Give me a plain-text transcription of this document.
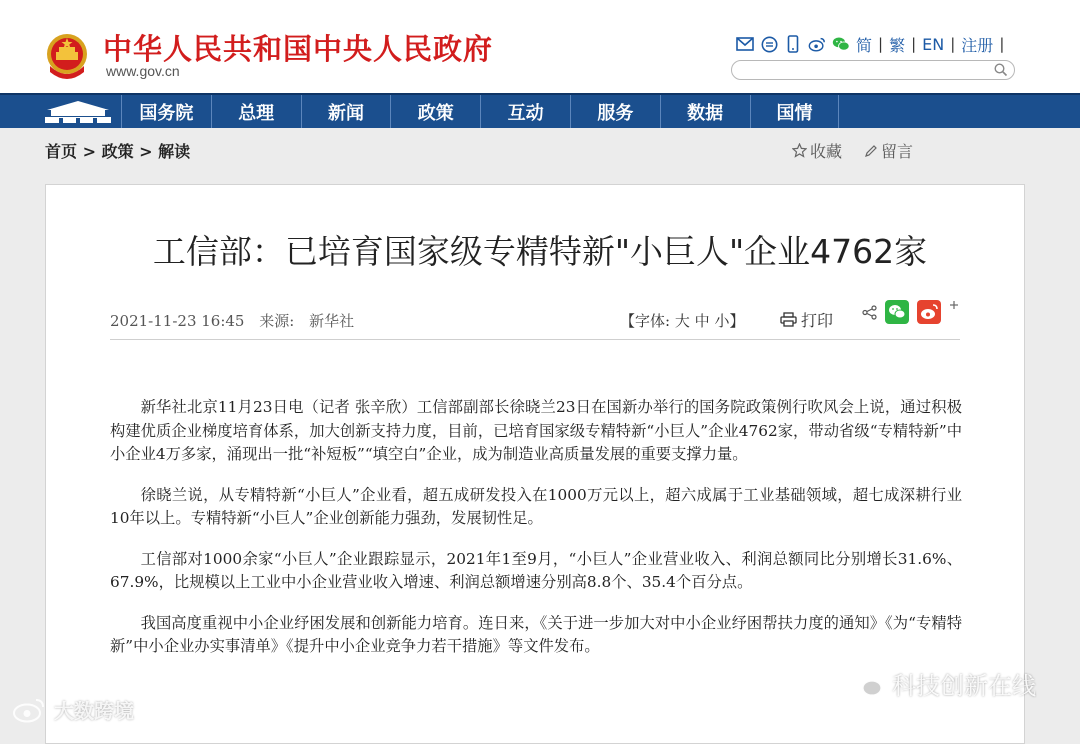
中华人民共和国中央人民政府
www.gov.cn
简 | 繁 | EN | 注册 |
国务院	总理	新闻	政策	互动	服务	数据	国情
首页 > 政策 > 解读	收藏 留言
工信部：已培育国家级专精特新"小巨人"企业4762家
2021-11-23 16:45 来源: 新华社	【字体: 大 中 小】	打印

新华社北京11月23日电（记者 张辛欣）工信部副部长徐晓兰23日在国新办举行的国务院政策例行吹风会上说，通过积极构建优质企业梯度培育体系，加大创新支持力度，目前，已培育国家级专精特新“小巨人”企业4762家，带动省级“专精特新”中小企业4万多家，涌现出一批“补短板”“填空白”企业，成为制造业高质量发展的重要支撑力量。

徐晓兰说，从专精特新“小巨人”企业看，超五成研发投入在1000万元以上，超六成属于工业基础领域，超七成深耕行业10年以上。专精特新“小巨人”企业创新能力强劲，发展韧性足。

工信部对1000余家“小巨人”企业跟踪显示，2021年1至9月，“小巨人”企业营业收入、利润总额同比分别增长31.6%、67.9%，比规模以上工业中小企业营业收入增速、利润总额增速分别高8.8个、35.4个百分点。

我国高度重视中小企业纾困发展和创新能力培育。连日来，《关于进一步加大对中小企业纾困帮扶力度的通知》《为“专精特新”中小企业办实事清单》《提升中小企业竞争力若干措施》等文件发布。

大数跨境
科技创新在线
